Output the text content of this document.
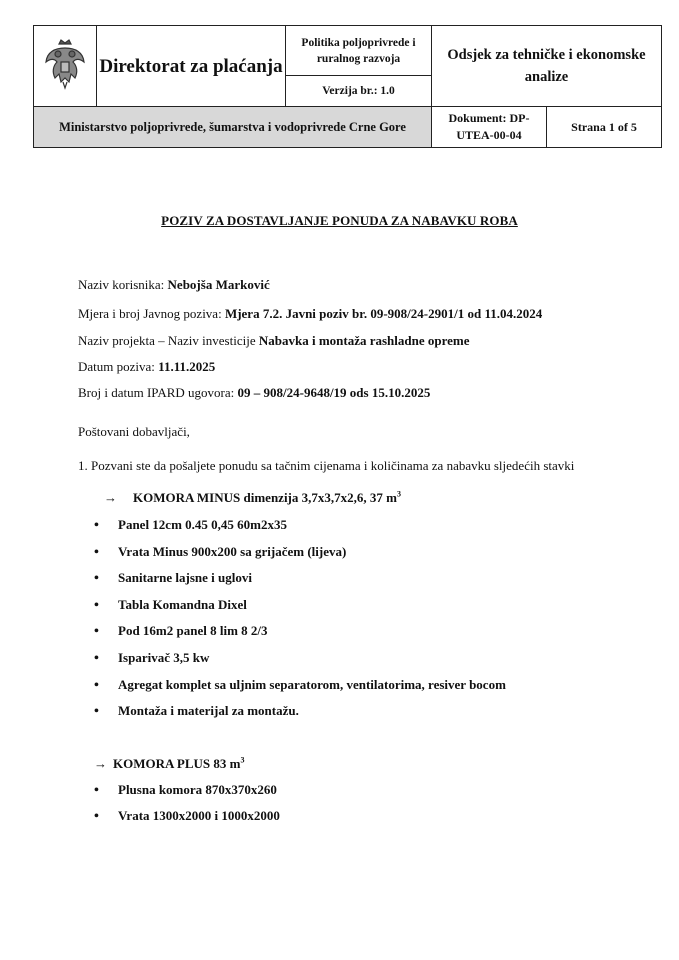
	Direktorat za plaćanja	Politika poljoprivrede i ruralnog razvoja	Odsjek za tehničke i ekonomske analize	
		Verzija br.: 1.0		
Ministarstvo poljoprivrede, šumarstva i vodoprivrede Crne Gore			Dokument: DP-UTEA-00-04	Strana 1 of 5
POZIV ZA DOSTAVLJANJE PONUDA ZA NABAVKU ROBA
Naziv korisnika: Nebojša Marković
Mjera i broj Javnog poziva: Mjera 7.2. Javni poziv br. 09-908/24-2901/1 od 11.04.2024
Naziv projekta – Naziv investicije Nabavka i montaža rashladne opreme
Datum poziva: 11.11.2025
Broj i datum IPARD ugovora: 09 – 908/24-9648/19 ods 15.10.2025
Poštovani dobavljači,
1. Pozvani ste da pošaljete ponudu sa tačnim cijenama i količinama za nabavku sljedećih stavki
→ KOMORA MINUS dimenzija 3,7x3,7x2,6, 37 $m^3$
• Panel 12cm 0.45 0,45 60m2x35
• Vrata Minus 900x200 sa grijačem (lijeva)
• Sanitarne lajsne i uglovi
• Tabla Komandna Dixel
• Pod 16m2 panel 8 lim 8 2/3
• Isparivač 3,5 kw
• Agregat komplet sa uljnim separatorom, ventilatorima, resiver bocom
• Montaža i materijal za montažu.
→ KOMORA PLUS 83 $m^3$
• Plusna komora 870x370x260
• Vrata 1300x2000 i 1000x2000
